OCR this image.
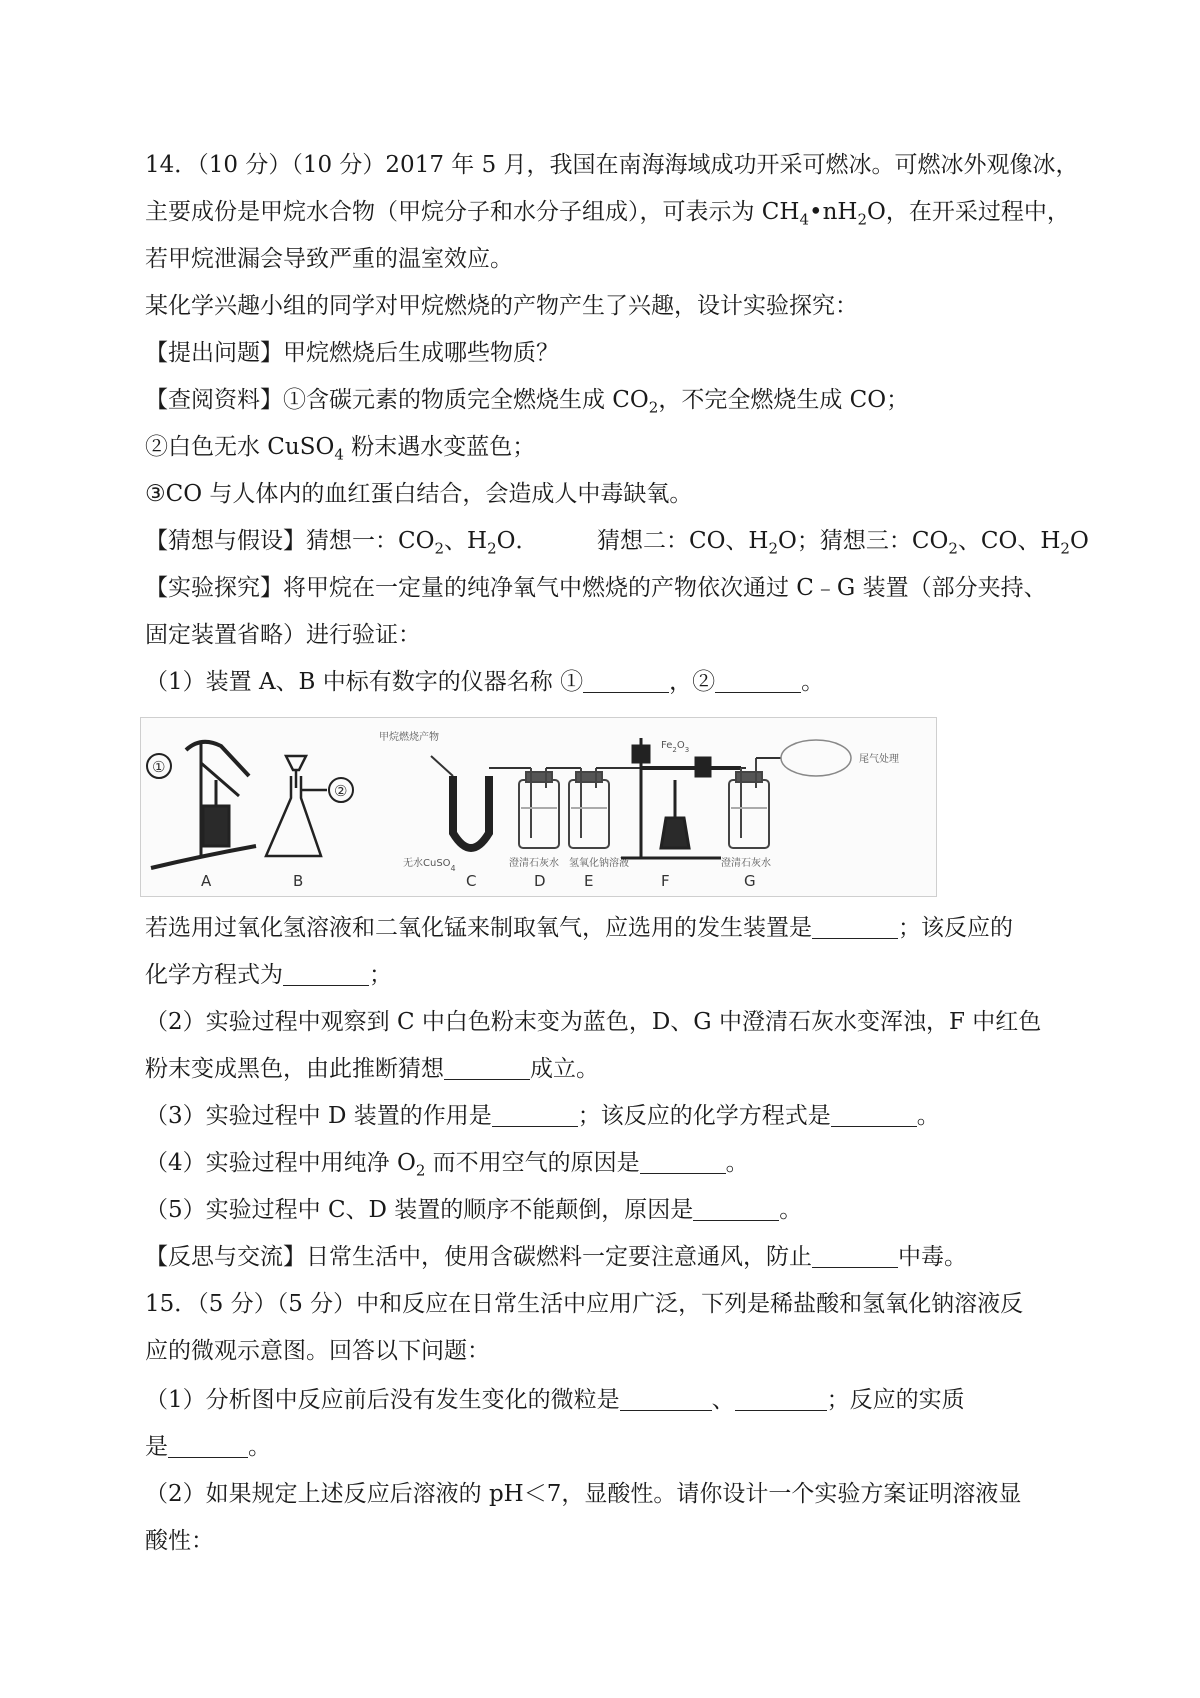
14．（10 分）（10 分）2017 年 5 月，我国在南海海域成功开采可燃冰。可燃冰外观像冰，
主要成份是甲烷水合物（甲烷分子和水分子组成），可表示为 $CH_4•nH_2O$，在开采过程中，
若甲烷泄漏会导致严重的温室效应。
某化学兴趣小组的同学对甲烷燃烧的产物产生了兴趣，设计实验探究：
【提出问题】甲烷燃烧后生成哪些物质？
【查阅资料】①含碳元素的物质完全燃烧生成 $CO_2$，不完全燃烧生成 CO；
②白色无水 CuSO$_4$ 粉末遇水变蓝色；
③CO 与人体内的血红蛋白结合，会造成人中毒缺氧。
【猜想与假设】猜想一：$CO_2$、$H_2O$．        猜想二：CO、$H_2O$；猜想三：$CO_2$、CO、$H_2O$
【实验探究】将甲烷在一定量的纯净氧气中燃烧的产物依次通过 C﹣G 装置（部分夹持、
固定装置省略）进行验证：
（1）装置 A、B 中标有数字的仪器名称 ①	，②	。
①
A
②
B
甲烷燃烧产物
无水CuSO$_4$
C
澄清石灰水
D
氢氧化钠溶液
E
$Fe_2O_3$
F
尾气处理
澄清石灰水
G
若选用过氧化氢溶液和二氧化锰来制取氧气，应选用的发生装置是	；该反应的
化学方程式为	；
（2）实验过程中观察到 C 中白色粉末变为蓝色，D、G 中澄清石灰水变浑浊，F 中红色
粉末变成黑色，由此推断猜想	成立。
（3）实验过程中 D 装置的作用是	；该反应的化学方程式是	。
（4）实验过程中用纯净 $O_2$ 而不用空气的原因是	。
（5）实验过程中 C、D 装置的顺序不能颠倒，原因是	。
【反思与交流】日常生活中，使用含碳燃料一定要注意通风，防止	中毒。
15．（5 分）（5 分）中和反应在日常生活中应用广泛，下列是稀盐酸和氢氧化钠溶液反
应的微观示意图。回答以下问题：
（1）分析图中反应前后没有发生变化的微粒是	、	；反应的实质
是	。
（2）如果规定上述反应后溶液的 pH＜7，显酸性。请你设计一个实验方案证明溶液显
酸性：
